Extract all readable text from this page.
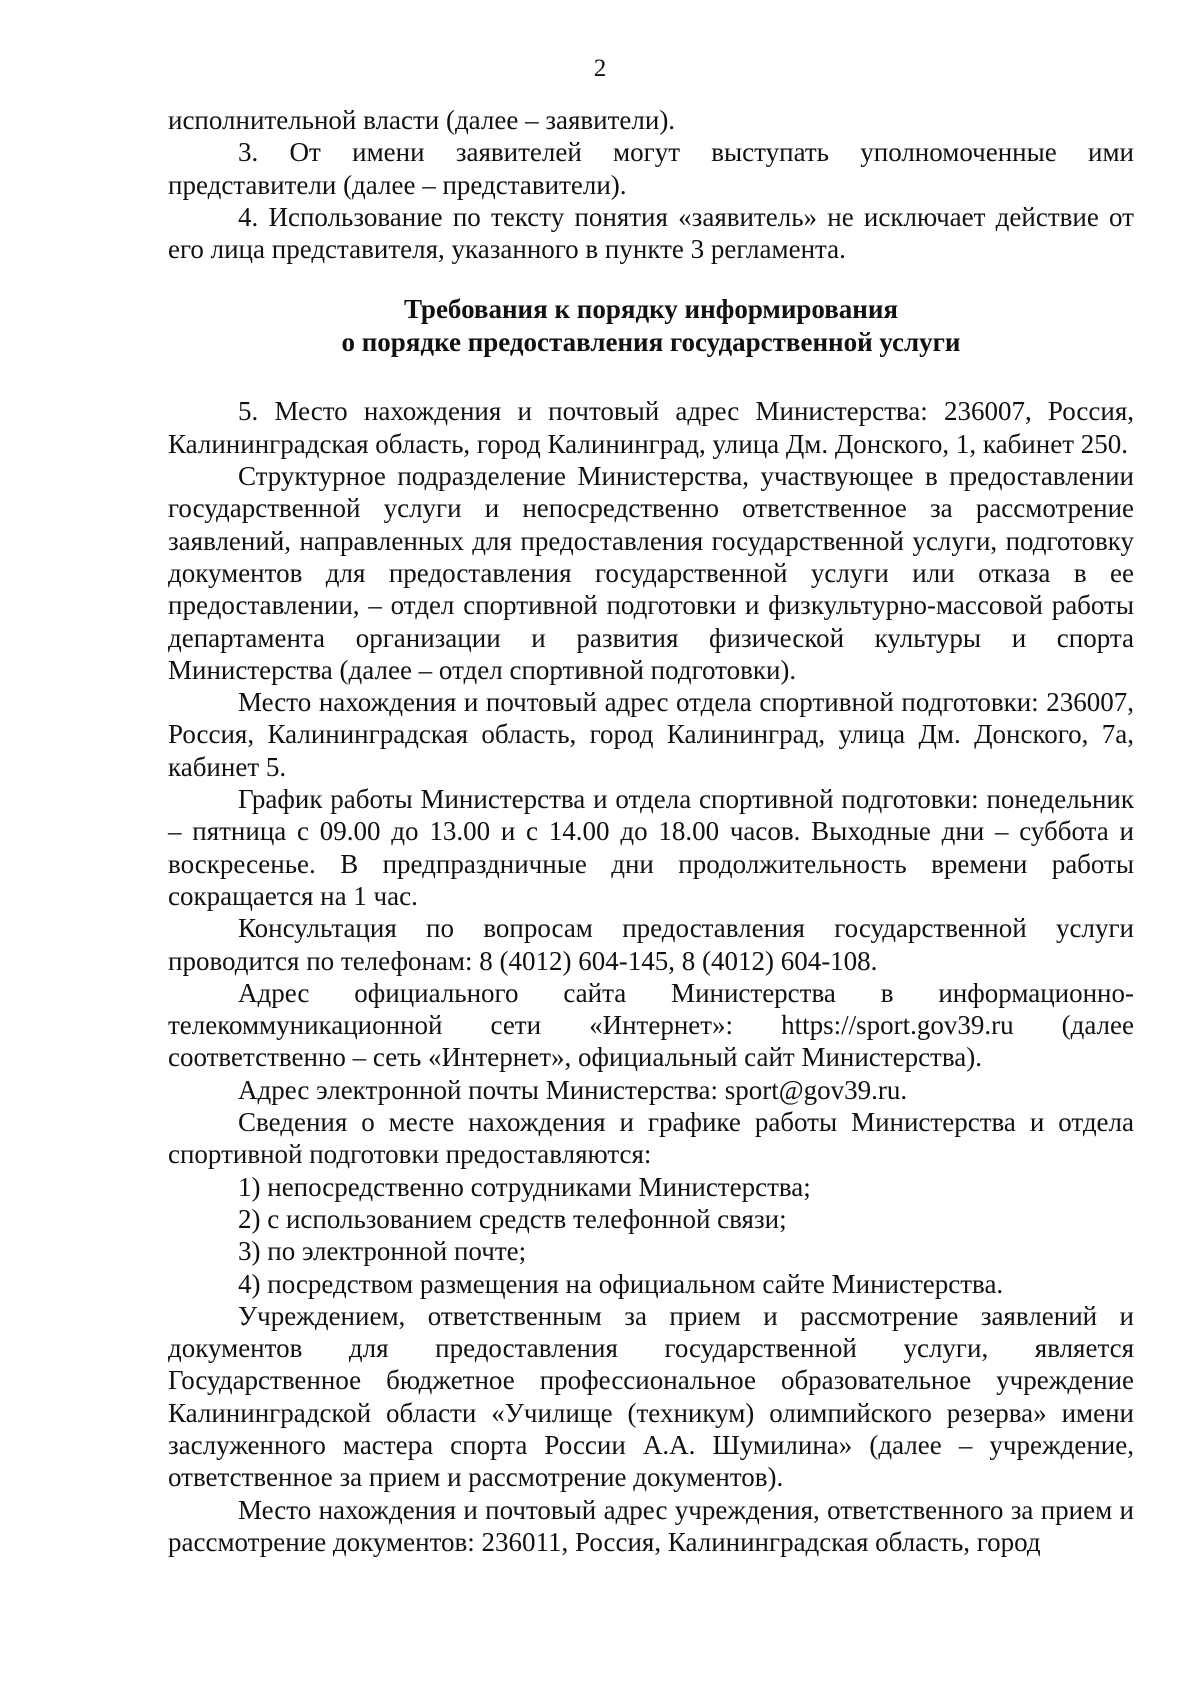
2

исполнительной власти (далее – заявители).

3. От имени заявителей могут выступать уполномоченные ими представители (далее – представители).

4. Использование по тексту понятия «заявитель» не исключает действие от его лица представителя, указанного в пункте 3 регламента.

Требования к порядку информирования
о порядке предоставления государственной услуги

5. Место нахождения и почтовый адрес Министерства: 236007, Россия, Калининградская область, город Калининград, улица Дм. Донского, 1, кабинет 250.

Структурное подразделение Министерства, участвующее в предоставлении государственной услуги и непосредственно ответственное за рассмотрение заявлений, направленных для предоставления государственной услуги, подготовку документов для предоставления государственной услуги или отказа в ее предоставлении, – отдел спортивной подготовки и физкультурно-массовой работы департамента организации и развития физической культуры и спорта Министерства (далее – отдел спортивной подготовки).

Место нахождения и почтовый адрес отдела спортивной подготовки: 236007, Россия, Калининградская область, город Калининград, улица Дм. Донского, 7а, кабинет 5.

График работы Министерства и отдела спортивной подготовки: понедельник – пятница с 09.00 до 13.00 и с 14.00 до 18.00 часов. Выходные дни – суббота и воскресенье. В предпраздничные дни продолжительность времени работы сокращается на 1 час.

Консультация по вопросам предоставления государственной услуги проводится по телефонам: 8 (4012) 604-145, 8 (4012) 604-108.

Адрес официального сайта Министерства в информационно-телекоммуникационной сети «Интернет»: https://sport.gov39.ru (далее соответственно – сеть «Интернет», официальный сайт Министерства).

Адрес электронной почты Министерства: sport@gov39.ru.

Сведения о месте нахождения и графике работы Министерства и отдела спортивной подготовки предоставляются:

1) непосредственно сотрудниками Министерства;

2) с использованием средств телефонной связи;

3) по электронной почте;

4) посредством размещения на официальном сайте Министерства.

Учреждением, ответственным за прием и рассмотрение заявлений и документов для предоставления государственной услуги, является Государственное бюджетное профессиональное образовательное учреждение Калининградской области «Училище (техникум) олимпийского резерва» имени заслуженного мастера спорта России А.А. Шумилина» (далее – учреждение, ответственное за прием и рассмотрение документов).

Место нахождения и почтовый адрес учреждения, ответственного за прием и рассмотрение документов: 236011, Россия, Калининградская область, город
